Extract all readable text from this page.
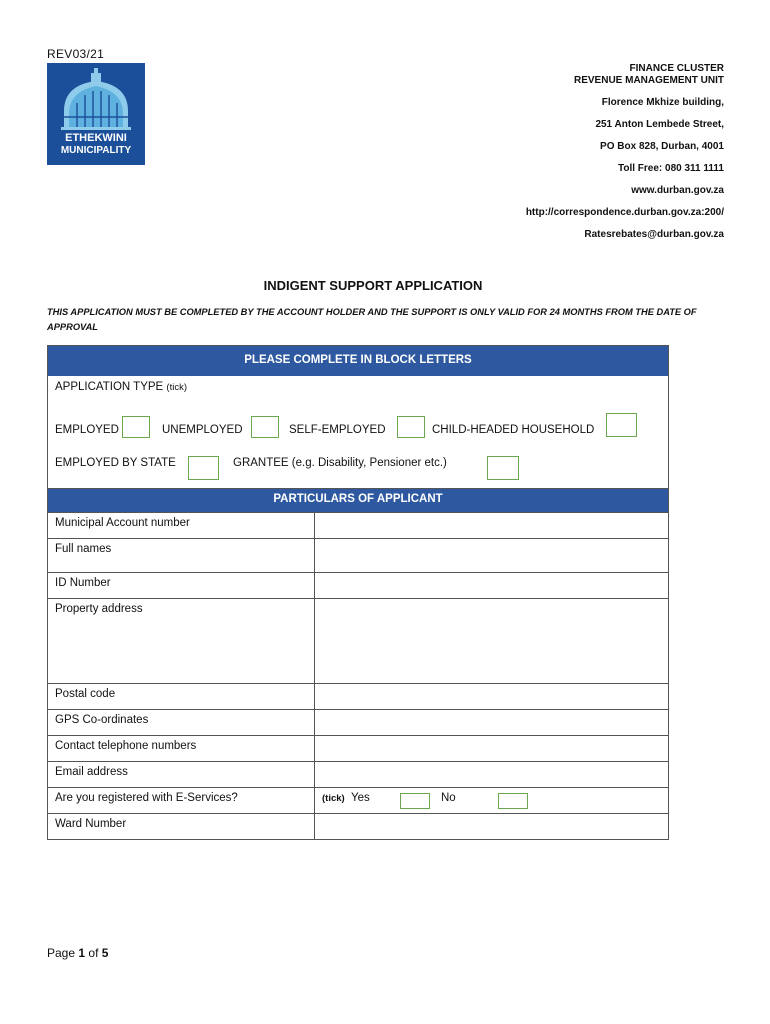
REV03/21
ETHEKWINI
MUNICIPALITY
FINANCE CLUSTER
REVENUE MANAGEMENT UNIT
Florence Mkhize building,
251 Anton Lembede Street,
PO Box 828, Durban, 4001
Toll Free: 080 311 1111
www.durban.gov.za
http://correspondence.durban.gov.za:200/
Ratesrebates@durban.gov.za
INDIGENT SUPPORT APPLICATION
THIS APPLICATION MUST BE COMPLETED BY THE ACCOUNT HOLDER AND THE SUPPORT IS ONLY VALID FOR 24 MONTHS FROM THE DATE OF APPROVAL
PLEASE COMPLETE IN BLOCK LETTERS
APPLICATION TYPE (tick)
EMPLOYED	UNEMPLOYED	SELF-EMPLOYED	CHILD-HEADED HOUSEHOLD
EMPLOYED BY STATE	GRANTEE (e.g. Disability, Pensioner etc.)
PARTICULARS OF APPLICANT
Municipal Account number
Full names
ID Number
Property address
Postal code
GPS Co-ordinates
Contact telephone numbers
Email address
Are you registered with E-Services?	(tick) Yes	No
Ward Number
Page 1 of 5
